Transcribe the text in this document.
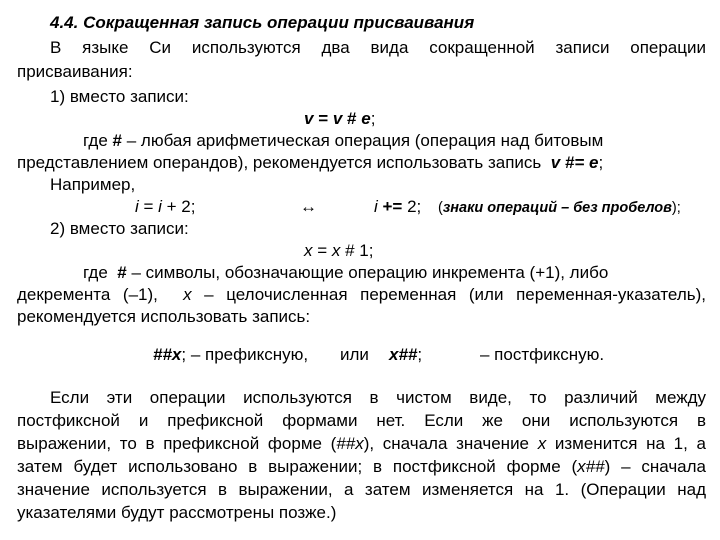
4.4. Сокращенная запись операции присваивания
В языке Си используются два вида сокращенной записи операции
присваивания:
1) вместо записи:
v = v # e;
где # – любая арифметическая операция (операция над битовым
представлением операндов), рекомендуется использовать запись  v #= e;
Например,
i = i + 2;	↔	i += 2; (знаки операций – без пробелов);
2) вместо записи:
x = x # 1;
где  # – символы, обозначающие операцию инкремента (+1), либо
декремента (–1),  x – целочисленная переменная (или переменная-указатель),
рекомендуется использовать запись:
##x; – префиксную, или x##;	– постфиксную.
Если эти операции используются в чистом виде, то различий между
постфиксной и префиксной формами нет. Если же они используются в
выражении, то в префиксной форме (##x), сначала значение x изменится на 1, а
затем будет использовано в выражении; в постфиксной форме (x##) – сначала
значение используется в выражении, а затем изменяется на 1. (Операции над
указателями будут рассмотрены позже.)
